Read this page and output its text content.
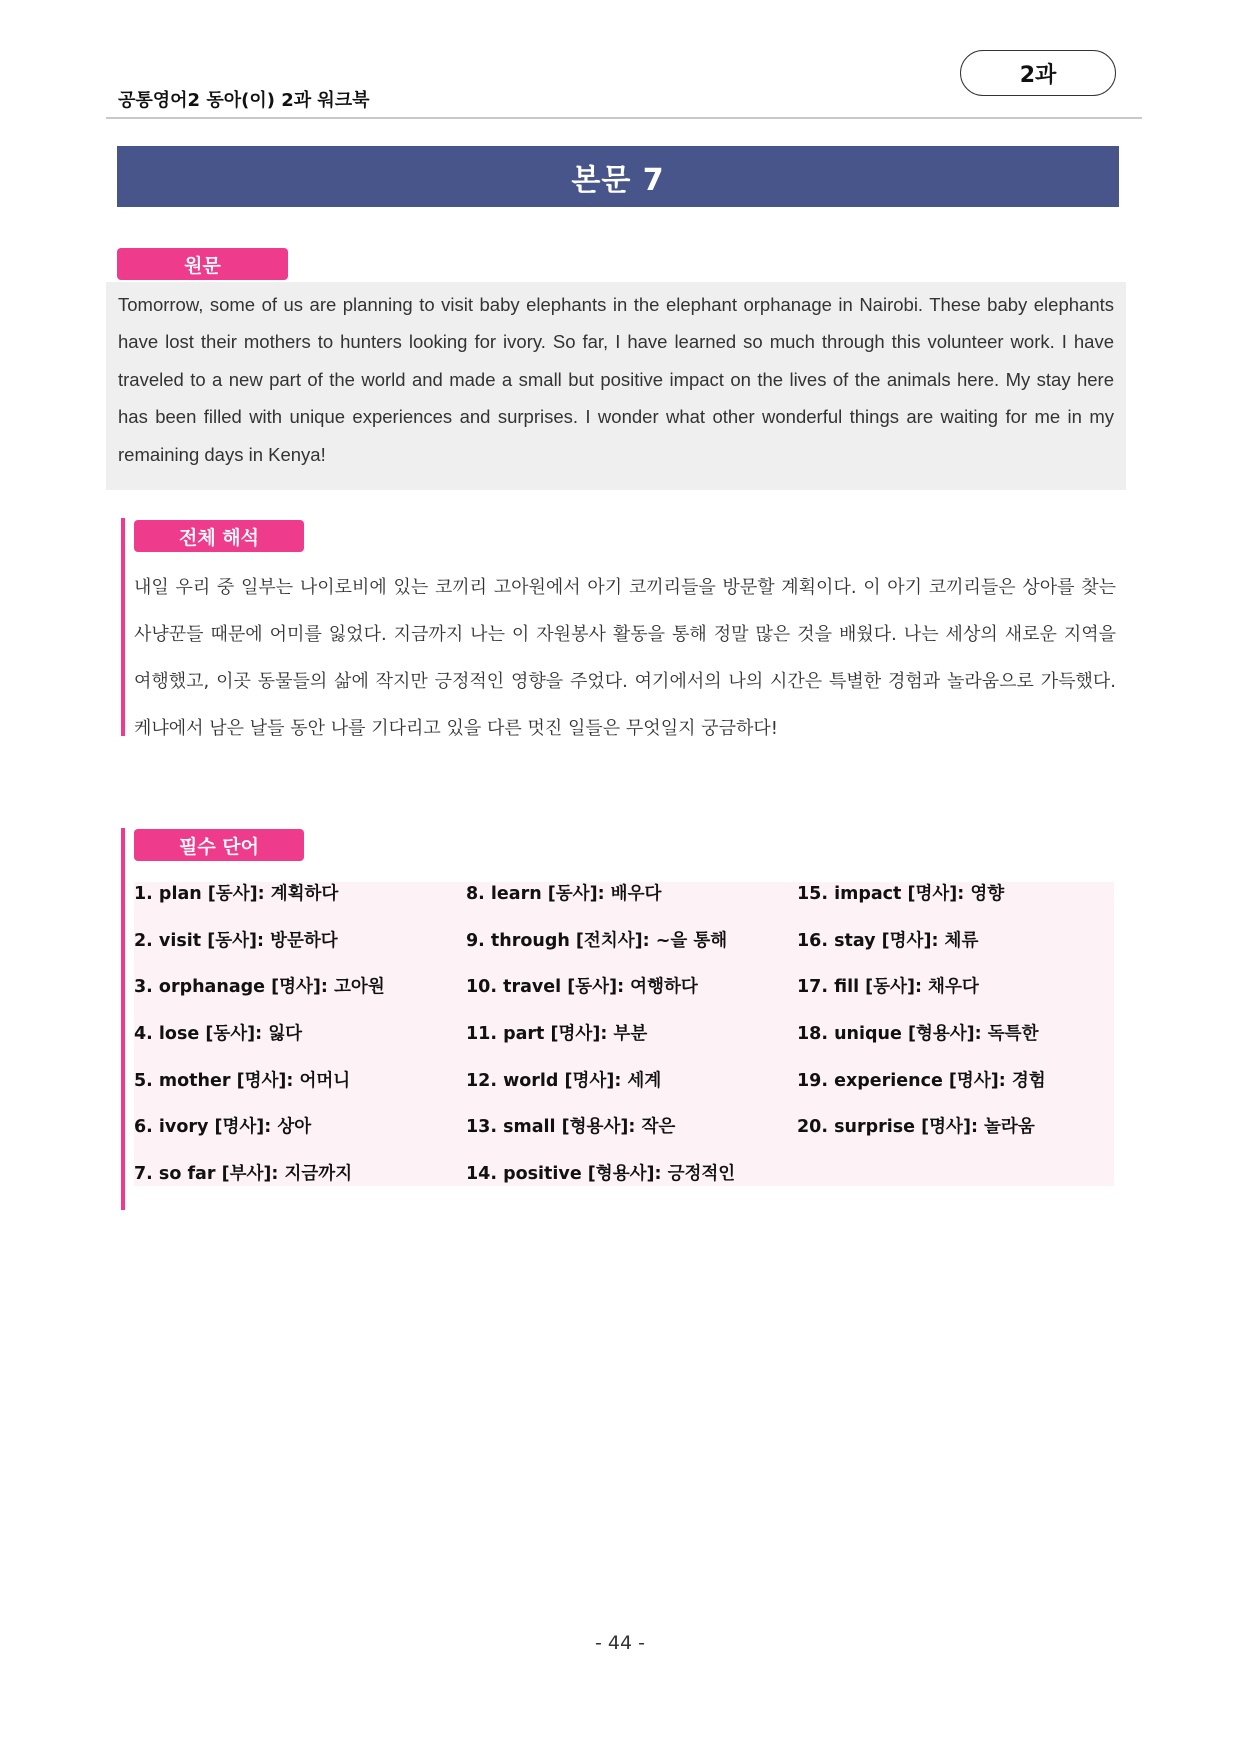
공통영어2 동아(이) 2과 워크북
2과
본문 7
원문
Tomorrow, some of us are planning to visit baby elephants in the elephant orphanage in Nairobi. These baby elephants have lost their mothers to hunters looking for ivory. So far, I have learned so much through this volunteer work. I have traveled to a new part of the world and made a small but positive impact on the lives of the animals here. My stay here has been filled with unique experiences and surprises. I wonder what other wonderful things are waiting for me in my remaining days in Kenya!
전체 해석
내일 우리 중 일부는 나이로비에 있는 코끼리 고아원에서 아기 코끼리들을 방문할 계획이다. 이 아기 코끼리들은 상아를 찾는 사냥꾼들 때문에 어미를 잃었다. 지금까지 나는 이 자원봉사 활동을 통해 정말 많은 것을 배웠다. 나는 세상의 새로운 지역을 여행했고, 이곳 동물들의 삶에 작지만 긍정적인 영향을 주었다. 여기에서의 나의 시간은 특별한 경험과 놀라움으로 가득했다. 케냐에서 남은 날들 동안 나를 기다리고 있을 다른 멋진 일들은 무엇일지 궁금하다!
필수 단어
1. plan [동사]: 계획하다
2. visit [동사]: 방문하다
3. orphanage [명사]: 고아원
4. lose [동사]: 잃다
5. mother [명사]: 어머니
6. ivory [명사]: 상아
7. so far [부사]: 지금까지
8. learn [동사]: 배우다
9. through [전치사]: ~을 통해
10. travel [동사]: 여행하다
11. part [명사]: 부분
12. world [명사]: 세계
13. small [형용사]: 작은
14. positive [형용사]: 긍정적인
15. impact [명사]: 영향
16. stay [명사]: 체류
17. fill [동사]: 채우다
18. unique [형용사]: 독특한
19. experience [명사]: 경험
20. surprise [명사]: 놀라움
- 44 -
